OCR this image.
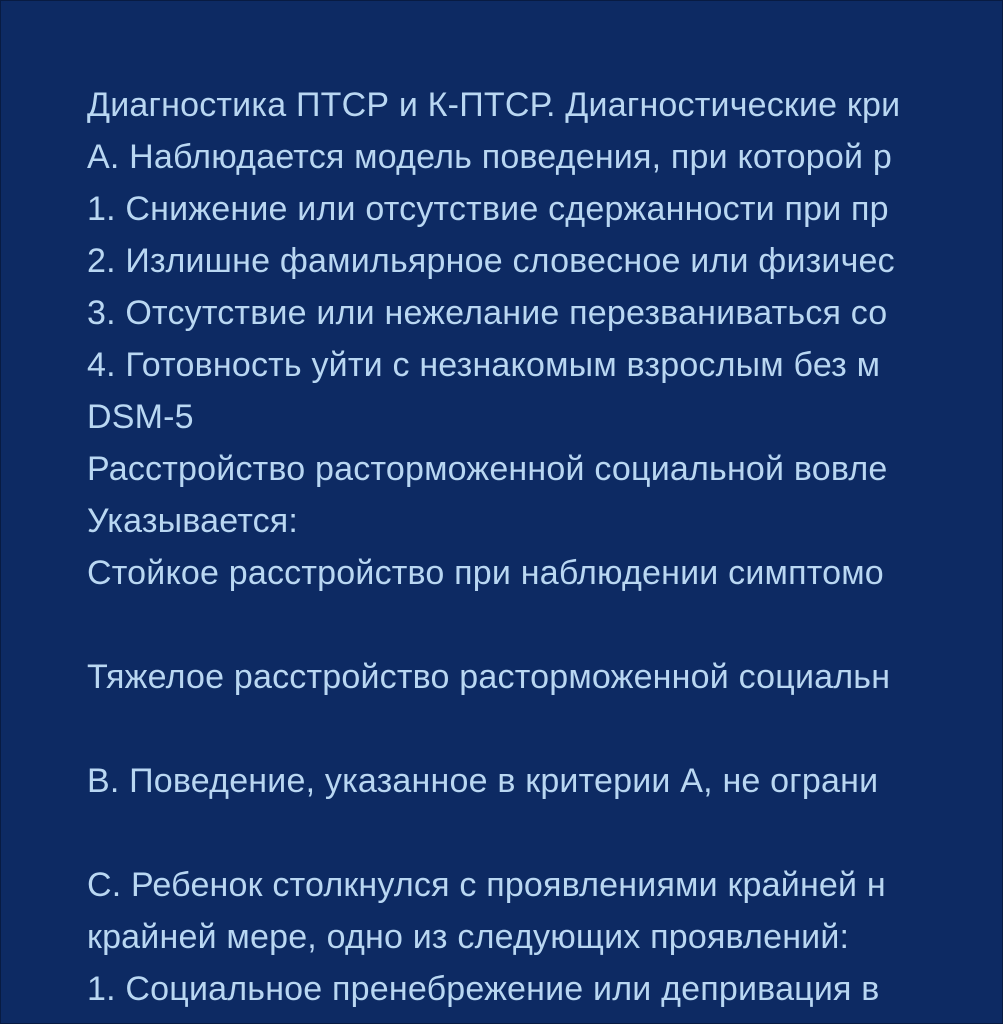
Диагностика ПТСР и К-ПТСР. Диагностические кри
А. Наблюдается модель поведения, при которой р
1. Снижение или отсутствие сдержанности при пр
2. Излишне фамильярное словесное или физичес
3. Отсутствие или нежелание перезваниваться со
4. Готовность уйти с незнакомым взрослым без м
DSM-5
Расстройство расторможенной социальной вовле
Указывается:
Стойкое расстройство при наблюдении симптомо
Тяжелое расстройство расторможенной социальн
В. Поведение, указанное в критерии А, не ограни
С. Ребенок столкнулся с проявлениями крайней н
крайней мере, одно из следующих проявлений:
1. Социальное пренебрежение или депривация в
